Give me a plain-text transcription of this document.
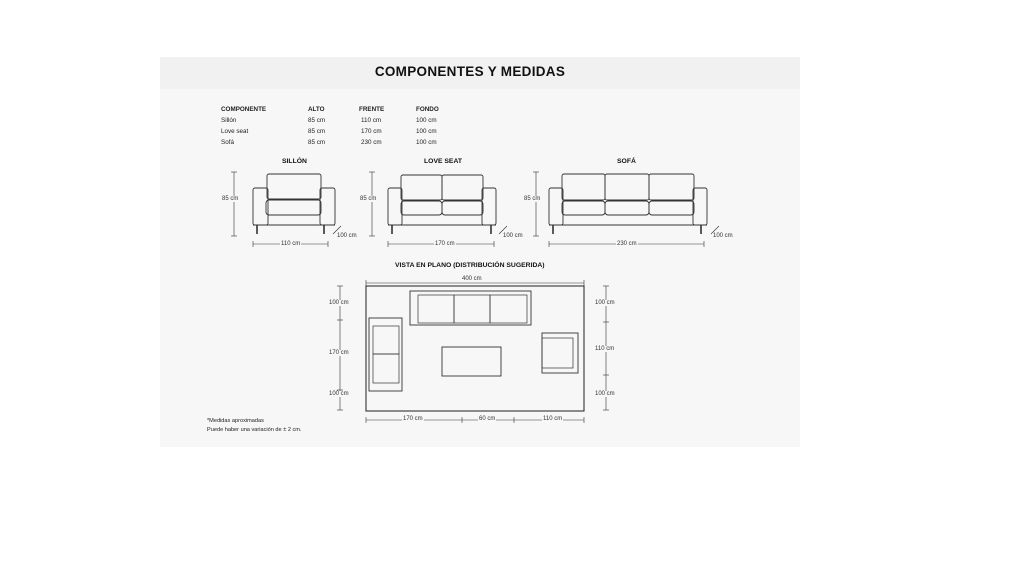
COMPONENTES Y MEDIDAS
COMPONENTE	ALTO	FRENTE	FONDO
Sillón	85 cm	110 cm	100 cm
Love seat	85 cm	170 cm	100 cm
Sofá	85 cm	230 cm	100 cm
SILLÓN	LOVE SEAT	SOFÁ
85 cm
110 cm
100 cm
85 cm
170 cm
100 cm
85 cm
230 cm
100 cm
VISTA EN PLANO (DISTRIBUCIÓN SUGERIDA)
400 cm
100 cm
170 cm
100 cm
100 cm
110 cm
100 cm
170 cm	60 cm	110 cm
*Medidas aproximadas
Puede haber una variación de ± 2 cm.
